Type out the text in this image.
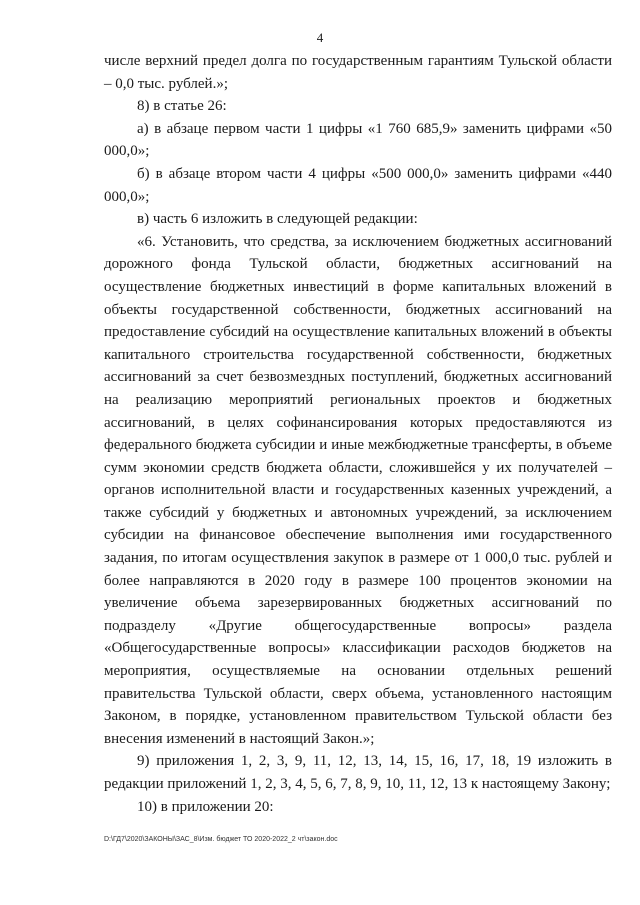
4

числе верхний предел долга по государственным гарантиям Тульской области – 0,0 тыс. рублей.»;

8) в статье 26:

а) в абзаце первом части 1 цифры «1 760 685,9» заменить цифрами «50 000,0»;

б) в абзаце втором части 4 цифры «500 000,0» заменить цифрами «440 000,0»;

в) часть 6 изложить в следующей редакции:

«6. Установить, что средства, за исключением бюджетных ассигнований дорожного фонда Тульской области, бюджетных ассигнований на осуществление бюджетных инвестиций в форме капитальных вложений в объекты государственной собственности, бюджетных ассигнований на предоставление субсидий на осуществление капитальных вложений в объекты капитального строительства государственной собственности, бюджетных ассигнований за счет безвозмездных поступлений, бюджетных ассигнований на реализацию мероприятий региональных проектов и бюджетных ассигнований, в целях софинансирования которых предоставляются из федерального бюджета субсидии и иные межбюджетные трансферты, в объеме сумм экономии средств бюджета области, сложившейся у их получателей – органов исполнительной власти и государственных казенных учреждений, а также субсидий у бюджетных и автономных учреждений, за исключением субсидии на финансовое обеспечение выполнения ими государственного задания, по итогам осуществления закупок в размере от 1 000,0 тыс. рублей и более направляются в 2020 году в размере 100 процентов экономии на увеличение объема зарезервированных бюджетных ассигнований по подразделу «Другие общегосударственные вопросы» раздела «Общегосударственные вопросы» классификации расходов бюджетов на мероприятия, осуществляемые на основании отдельных решений правительства Тульской области, сверх объема, установленного настоящим Законом, в порядке, установленном правительством Тульской области без внесения изменений в настоящий Закон.»;

9) приложения 1, 2, 3, 9, 11, 12, 13, 14, 15, 16, 17, 18, 19 изложить в редакции приложений 1, 2, 3, 4, 5, 6, 7, 8, 9, 10, 11, 12, 13 к настоящему Закону;

10) в приложении 20:

D:\ГД7\2020\ЗАКОНЫ\ЗАС_8\Изм. бюджет ТО 2020-2022_2 чт\закон.doc
